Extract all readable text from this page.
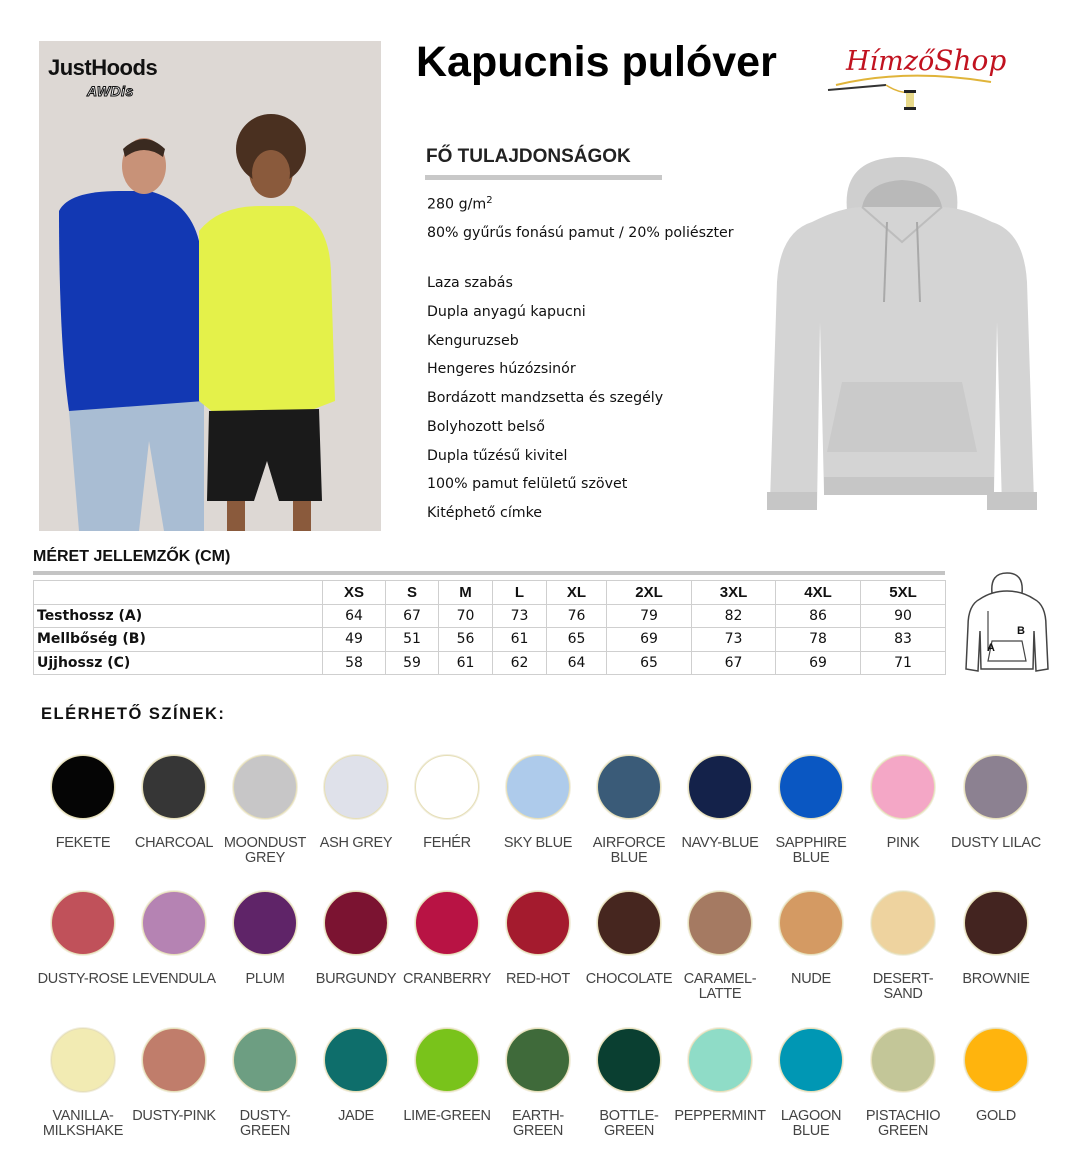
JustHoods
AWDis
Kapucnis pulóver	HímzőShop
FŐ TULAJDONSÁGOK
280 $g/m^2$
80% gyűrűs fonású pamut / 20% poliészter
Laza szabás
Dupla anyagú kapucni
Kenguruzseb
Hengeres húzózsinór
Bordázott mandzsetta és szegély
Bolyhozott belső
Dupla tűzésű kivitel
100% pamut felületű szövet
Kitéphető címke
MÉRET JELLEMZŐK (CM)
	XS	S	M	L	XL	2XL	3XL	4XL	5XL
Testhossz (A)	64	67	70	73	76	79	82	86	90
Mellbőség (B)	49	51	56	61	65	69	73	78	83
Ujjhossz (C)	58	59	61	62	64	65	67	69	71
A
B
ELÉRHETŐ SZÍNEK:
FEKETE	CHARCOAL MOONDUST
GREY
ASH GREY	FEHÉR	SKY BLUE	AIRFORCE
BLUE
NAVY-BLUE	SAPPHIRE
BLUE
PINK	DUSTY LILAC
DUSTY-ROSE LEVENDULA	PLUM	BURGUNDY CRANBERRY	RED-HOT	CHOCOLATE CARAMEL-
LATTE
NUDE	DESERT-
SAND
BROWNIE
VANILLA-
MILKSHAKE
DUSTY-PINK	DUSTY-
GREEN
JADE	LIME-GREEN	EARTH-
GREEN
BOTTLE-
GREEN
PEPPERMINT	LAGOON
BLUE
PISTACHIO
GREEN
GOLD
